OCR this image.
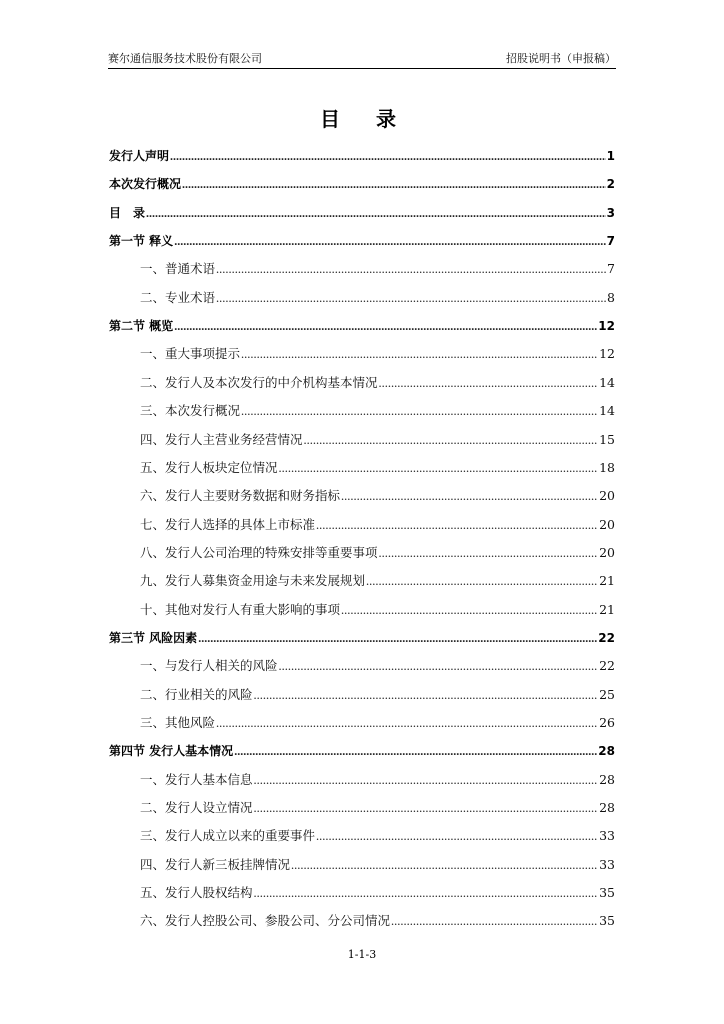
赛尔通信服务技术股份有限公司	招股说明书（申报稿）
目　录
发行人声明 .....	1
本次发行概况 .....	2
目　录 .....	3
第一节 释义 .....	7
一、普通术语 .....	7
二、专业术语 .....	8
第二节 概览 .....	12
一、重大事项提示 .....	12
二、发行人及本次发行的中介机构基本情况 .....	14
三、本次发行概况 .....	14
四、发行人主营业务经营情况 .....	15
五、发行人板块定位情况 .....	18
六、发行人主要财务数据和财务指标 .....	20
七、发行人选择的具体上市标准 .....	20
八、发行人公司治理的特殊安排等重要事项 .....	20
九、发行人募集资金用途与未来发展规划 .....	21
十、其他对发行人有重大影响的事项 .....	21
第三节 风险因素 .....	22
一、与发行人相关的风险 .....	22
二、行业相关的风险 .....	25
三、其他风险 .....	26
第四节 发行人基本情况 .....	28
一、发行人基本信息 .....	28
二、发行人设立情况 .....	28
三、发行人成立以来的重要事件 .....	33
四、发行人新三板挂牌情况 .....	33
五、发行人股权结构 .....	35
六、发行人控股公司、参股公司、分公司情况 .....	35
1-1-3
